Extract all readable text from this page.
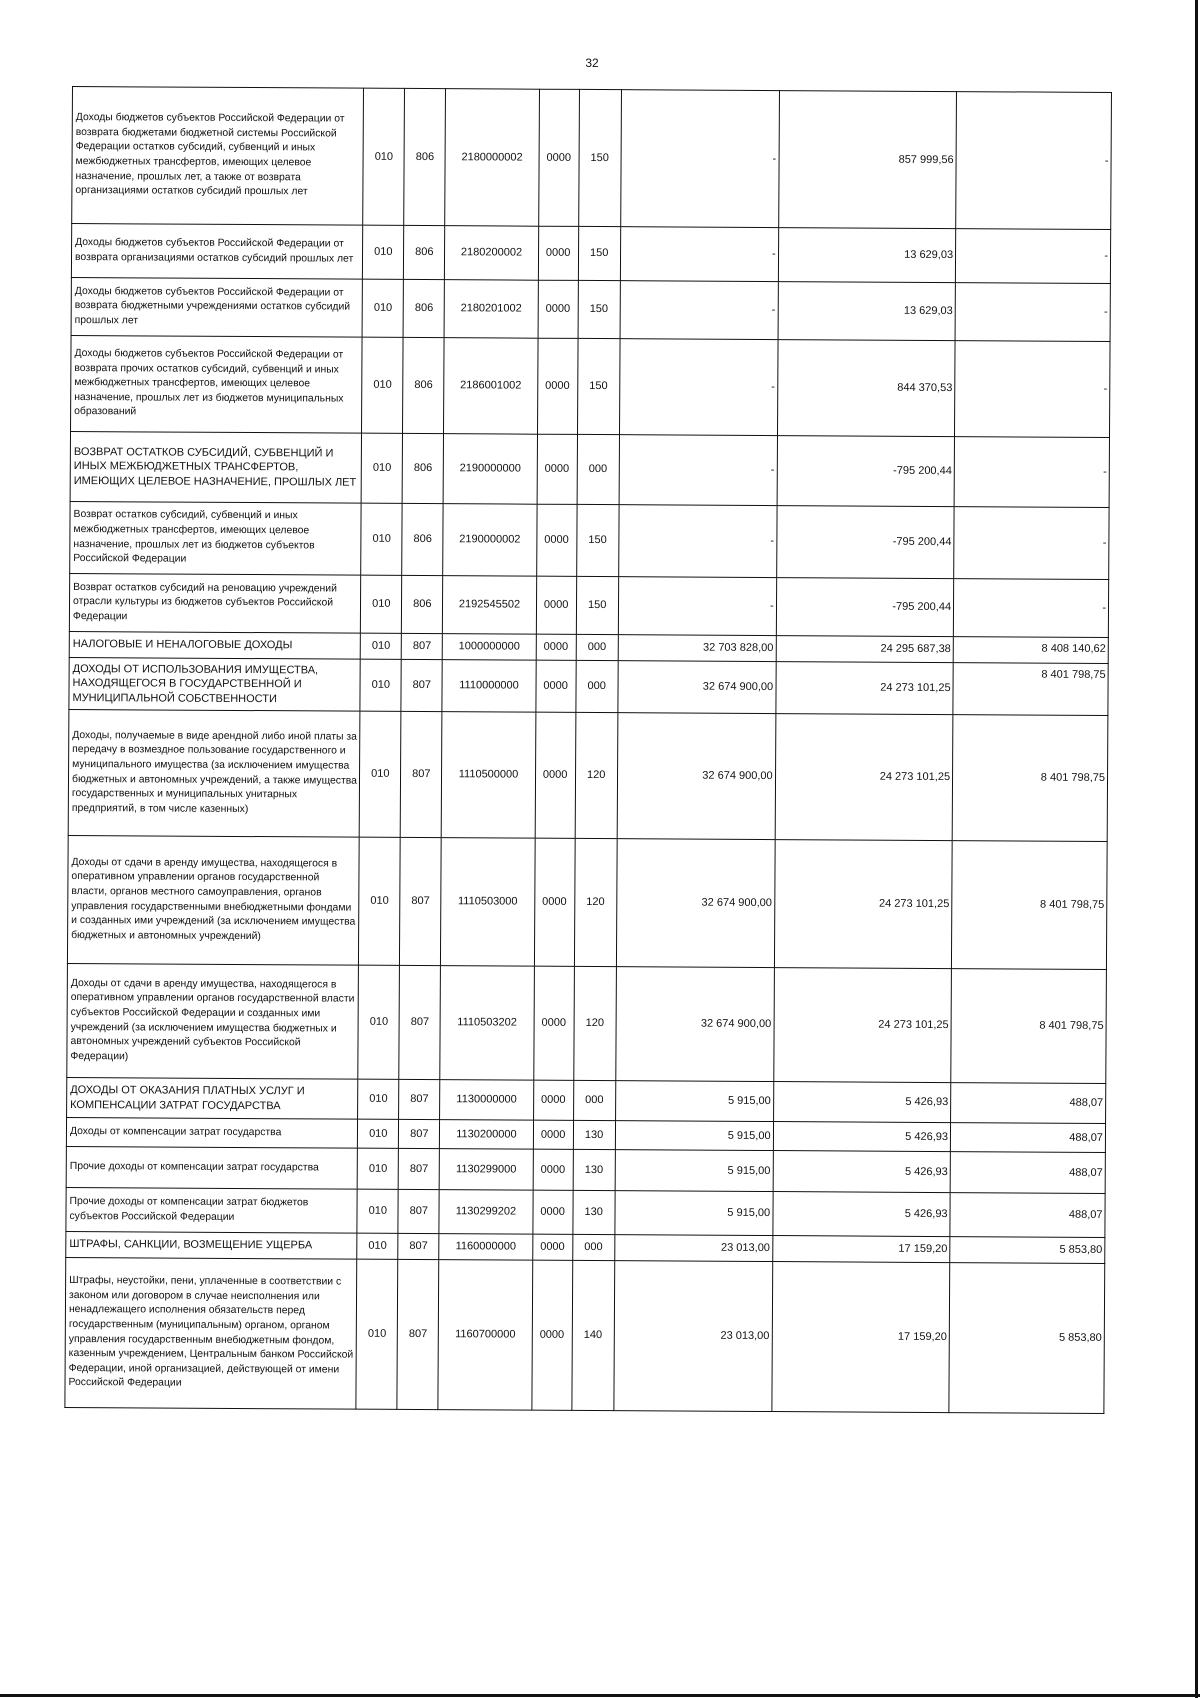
32
Доходы бюджетов субъектов Российской Федерации от возврата бюджетами бюджетной системы Российской Федерации остатков субсидий, субвенций и иных межбюджетных трансфертов, имеющих целевое назначение, прошлых лет, а также от возврата организациями остатков субсидий прошлых лет	010	806	2180000002	0000	150	-	857 999,56	-
Доходы бюджетов субъектов Российской Федерации от возврата организациями остатков субсидий прошлых лет	010	806	2180200002	0000	150	-	13 629,03	-
Доходы бюджетов субъектов Российской Федерации от возврата бюджетными учреждениями остатков субсидий прошлых лет	010	806	2180201002	0000	150	-	13 629,03	-
Доходы бюджетов субъектов Российской Федерации от возврата прочих остатков субсидий, субвенций и иных межбюджетных трансфертов, имеющих целевое назначение, прошлых лет из бюджетов муниципальных образований	010	806	2186001002	0000	150	-	844 370,53	-
ВОЗВРАТ ОСТАТКОВ СУБСИДИЙ, СУБВЕНЦИЙ И ИНЫХ МЕЖБЮДЖЕТНЫХ ТРАНСФЕРТОВ, ИМЕЮЩИХ ЦЕЛЕВОЕ НАЗНАЧЕНИЕ, ПРОШЛЫХ ЛЕТ	010	806	2190000000	0000	000	-	-795 200,44	-
Возврат остатков субсидий, субвенций и иных межбюджетных трансфертов, имеющих целевое назначение, прошлых лет из бюджетов субъектов Российской Федерации	010	806	2190000002	0000	150	-	-795 200,44	-
Возврат остатков субсидий на реновацию учреждений отрасли культуры из бюджетов субъектов Российской Федерации	010	806	2192545502	0000	150	-	-795 200,44	-
НАЛОГОВЫЕ И НЕНАЛОГОВЫЕ ДОХОДЫ	010	807	1000000000	0000	000	32 703 828,00	24 295 687,38	8 408 140,62
ДОХОДЫ ОТ ИСПОЛЬЗОВАНИЯ ИМУЩЕСТВА, НАХОДЯЩЕГОСЯ В ГОСУДАРСТВЕННОЙ И МУНИЦИПАЛЬНОЙ СОБСТВЕННОСТИ	010	807	1110000000	0000	000	32 674 900,00	24 273 101,25	8 401 798,75
Доходы, получаемые в виде арендной либо иной платы за передачу в возмездное пользование государственного и муниципального имущества (за исключением имущества бюджетных и автономных учреждений, а также имущества государственных и муниципальных унитарных предприятий, в том числе казенных)	010	807	1110500000	0000	120	32 674 900,00	24 273 101,25	8 401 798,75
Доходы от сдачи в аренду имущества, находящегося в оперативном управлении органов государственной власти, органов местного самоуправления, органов управления государственными внебюджетными фондами и созданных ими учреждений (за исключением имущества бюджетных и автономных учреждений)	010	807	1110503000	0000	120	32 674 900,00	24 273 101,25	8 401 798,75
Доходы от сдачи в аренду имущества, находящегося в оперативном управлении органов государственной власти субъектов Российской Федерации и созданных ими учреждений (за исключением имущества бюджетных и автономных учреждений субъектов Российской Федерации)	010	807	1110503202	0000	120	32 674 900,00	24 273 101,25	8 401 798,75
ДОХОДЫ ОТ ОКАЗАНИЯ ПЛАТНЫХ УСЛУГ И КОМПЕНСАЦИИ ЗАТРАТ ГОСУДАРСТВА	010	807	1130000000	0000	000	5 915,00	5 426,93	488,07
Доходы от компенсации затрат государства	010	807	1130200000	0000	130	5 915,00	5 426,93	488,07
Прочие доходы от компенсации затрат государства	010	807	1130299000	0000	130	5 915,00	5 426,93	488,07
Прочие доходы от компенсации затрат бюджетов субъектов Российской Федерации	010	807	1130299202	0000	130	5 915,00	5 426,93	488,07
ШТРАФЫ, САНКЦИИ, ВОЗМЕЩЕНИЕ УЩЕРБА	010	807	1160000000	0000	000	23 013,00	17 159,20	5 853,80
Штрафы, неустойки, пени, уплаченные в соответствии с законом или договором в случае неисполнения или ненадлежащего исполнения обязательств перед государственным (муниципальным) органом, органом управления государственным внебюджетным фондом, казенным учреждением, Центральным банком Российской Федерации, иной организацией, действующей от имени Российской Федерации	010	807	1160700000	0000	140	23 013,00	17 159,20	5 853,80
